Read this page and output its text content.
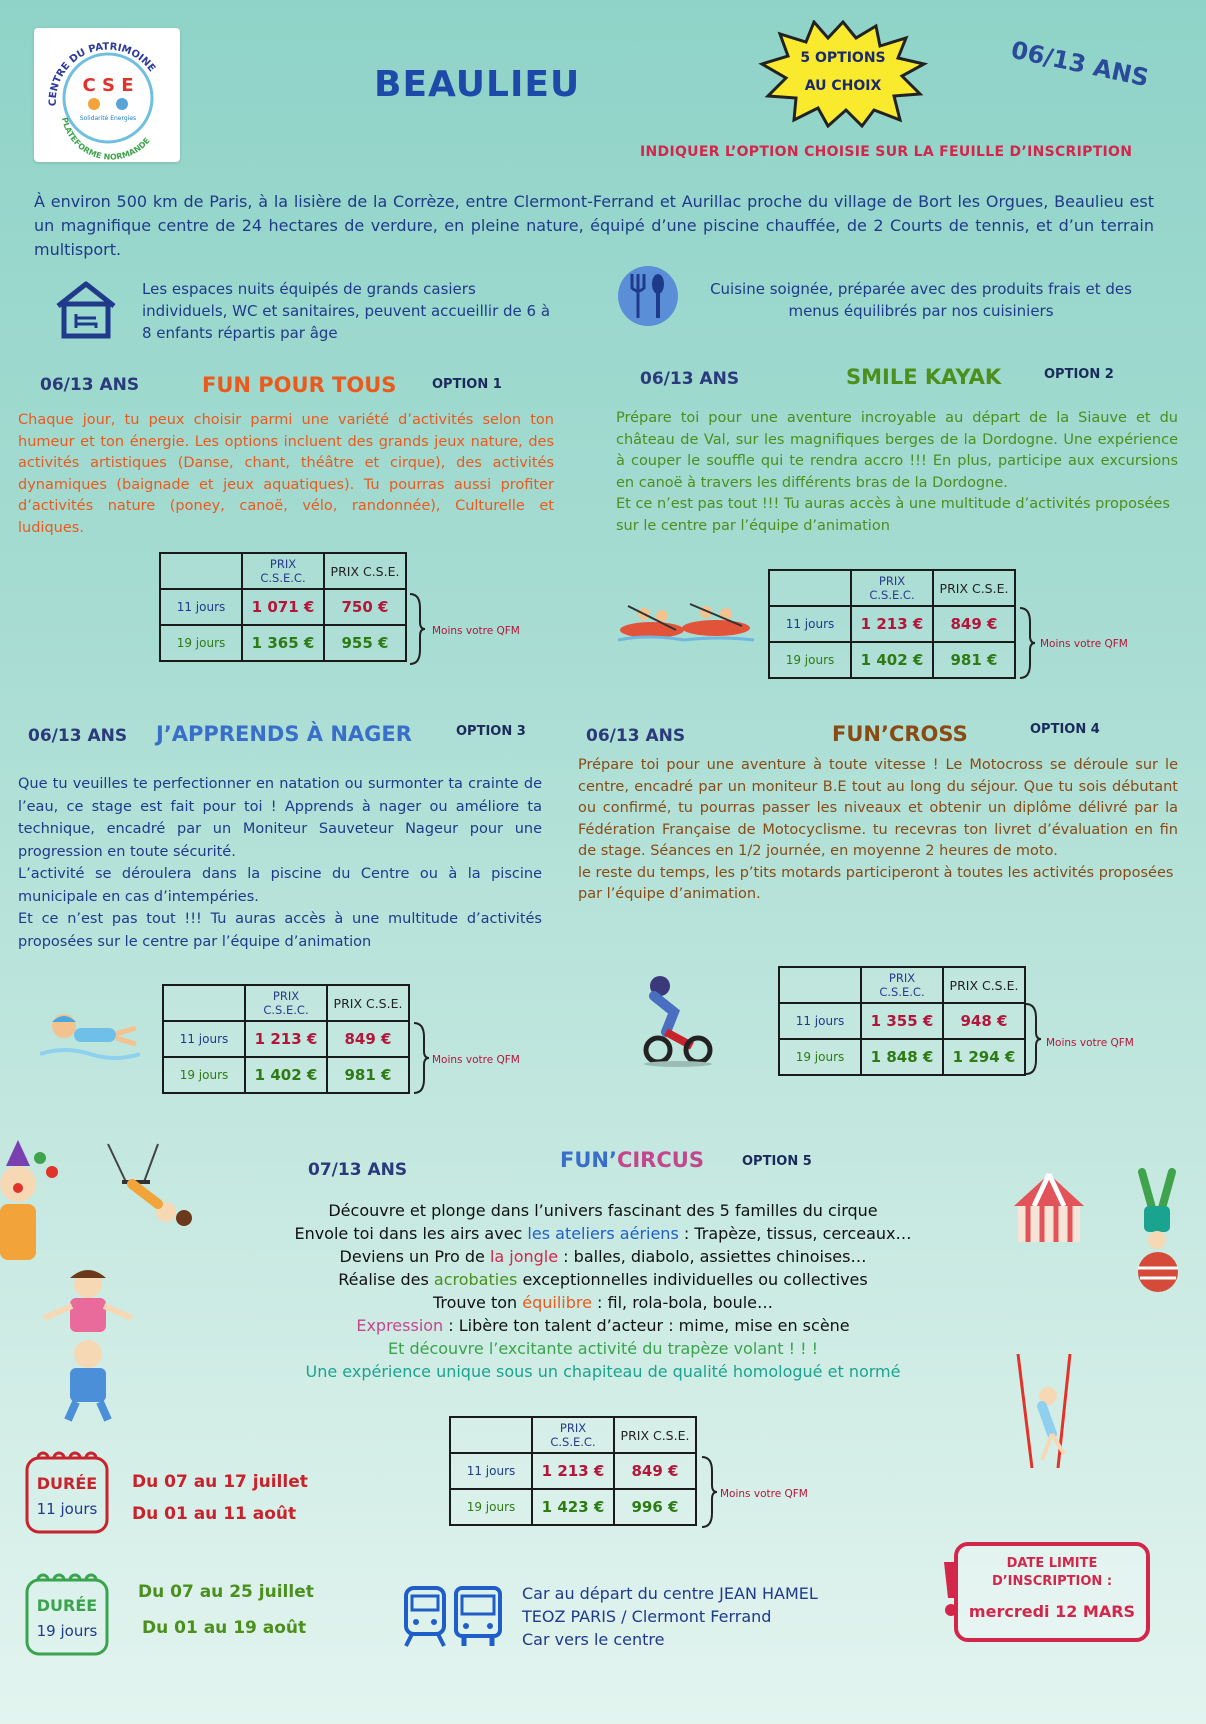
CENTRE DU PATRIMOINE
PLATEFORME NORMANDE
C S E
Solidarité Energies
BEAULIEU
5 OPTIONS
AU CHOIX	06/13 ANS
INDIQUER L’OPTION CHOISIE SUR LA FEUILLE D’INSCRIPTION
À environ 500 km de Paris, à la lisière de la Corrèze, entre Clermont-Ferrand et Aurillac proche du village de Bort les Orgues, Beaulieu est un magnifique centre de 24 hectares de verdure, en pleine nature, équipé d’une piscine chauffée, de 2 Courts de tennis, et d’un terrain multisport.
Les espaces nuits équipés de grands casiers individuels, WC et sanitaires, peuvent accueillir de 6 à 8 enfants répartis par âge
Cuisine soignée, préparée avec des produits frais et des menus équilibrés par nos cuisiniers
06/13 ANS	FUN POUR TOUS	OPTION 1
Chaque jour, tu peux choisir parmi une variété d’activités selon ton humeur et ton énergie. Les options incluent des grands jeux nature, des activités artistiques (Danse, chant, théâtre et cirque), des activités dynamiques (baignade et jeux aquatiques). Tu pourras aussi profiter d’activités nature (poney, canoë, vélo, randonnée), Culturelle et ludiques.
	PRIX C.S.E.C.	PRIX C.S.E.
11 jours	1 071 €	750 €
19 jours	1 365 €	955 €
Moins votre QFM
06/13 ANS	SMILE KAYAK	OPTION 2
Prépare toi pour une aventure incroyable au départ de la Siauve et du château de Val, sur les magnifiques berges de la Dordogne. Une expérience à couper le souffle qui te rendra accro !!! En plus, participe aux excursions en canoë à travers les différents bras de la Dordogne.
Et ce n’est pas tout !!! Tu auras accès à une multitude d’activités proposées sur le centre par l’équipe d’animation
	PRIX C.S.E.C.	PRIX C.S.E.
11 jours	1 213 €	849 €
19 jours	1 402 €	981 €
Moins votre QFM
06/13 ANS J’APPRENDS À NAGER	OPTION 3
Que tu veuilles te perfectionner en natation ou surmonter ta crainte de l’eau, ce stage est fait pour toi ! Apprends à nager ou améliore ta technique, encadré par un Moniteur Sauveteur Nageur pour une progression en toute sécurité.
L’activité se déroulera dans la piscine du Centre ou à la piscine municipale en cas d’intempéries.
Et ce n’est pas tout !!! Tu auras accès à une multitude d’activités proposées sur le centre par l’équipe d’animation
	PRIX C.S.E.C.	PRIX C.S.E.
11 jours	1 213 €	849 €
19 jours	1 402 €	981 €
Moins votre QFM
06/13 ANS	FUN’CROSS	OPTION 4
Prépare toi pour une aventure à toute vitesse ! Le Motocross se déroule sur le centre, encadré par un moniteur B.E tout au long du séjour. Que tu sois débutant ou confirmé, tu pourras passer les niveaux et obtenir un diplôme délivré par la Fédération Française de Motocyclisme. tu recevras ton livret d’évaluation en fin de stage. Séances en 1/2 journée, en moyenne 2 heures de moto.
le reste du temps, les p’tits motards participeront à toutes les activités proposées par l’équipe d’animation.
	PRIX C.S.E.C.	PRIX C.S.E.
11 jours	1 355 €	948 €
19 jours	1 848 €	1 294 €
Moins votre QFM
07/13 ANS	FUN’CIRCUS	OPTION 5
Découvre et plonge dans l’univers fascinant des 5 familles du cirque
Envole toi dans les airs avec les ateliers aériens : Trapèze, tissus, cerceaux…
Deviens un Pro de la jongle : balles, diabolo, assiettes chinoises…
Réalise des acrobaties exceptionnelles individuelles ou collectives
Trouve ton équilibre : fil, rola-bola, boule…
Expression : Libère ton talent d’acteur : mime, mise en scène
Et découvre l’excitante activité du trapèze volant ! ! !
Une expérience unique sous un chapiteau de qualité homologué et normé
	PRIX C.S.E.C.	PRIX C.S.E.
11 jours	1 213 €	849 €
19 jours	1 423 €	996 €
Moins votre QFM
DURÉE
11 jours
Du 07 au 17 juillet
Du 01 au 11 août
DURÉE
19 jours
Du 07 au 25 juillet
Du 01 au 19 août
Car au départ du centre JEAN HAMEL
TEOZ PARIS / Clermont Ferrand
Car vers le centre
DATE LIMITE
D’INSCRIPTION :
mercredi 12 MARS
